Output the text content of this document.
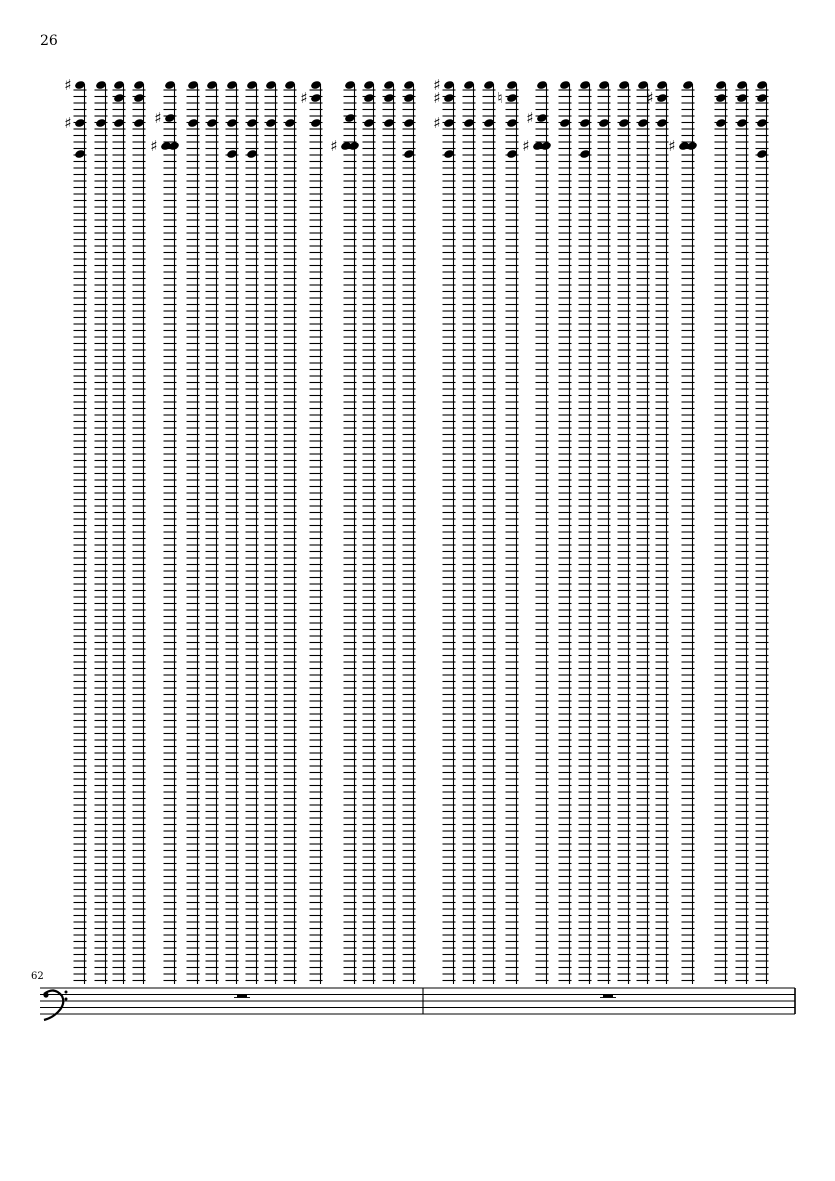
26
62
♯
♯	♯
♯
♯
♯
♯
♯
♯
♮
♯
♯
♯
♯
